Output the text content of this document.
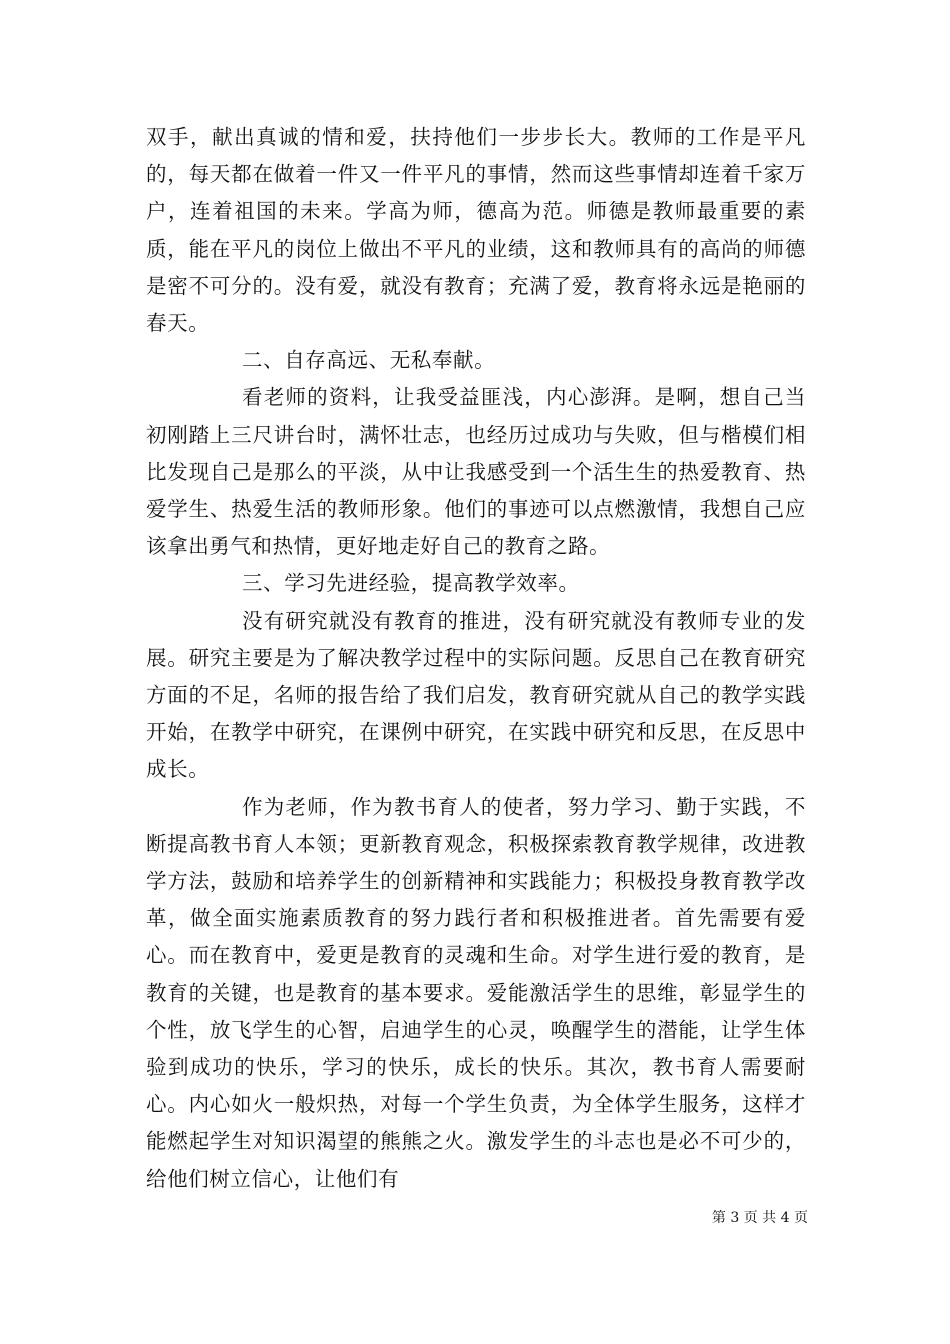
双手，献出真诚的情和爱，扶持他们一步步长大。教师的工作是平凡的，每天都在做着一件又一件平凡的事情，然而这些事情却连着千家万户，连着祖国的未来。学高为师，德高为范。师德是教师最重要的素质，能在平凡的岗位上做出不平凡的业绩，这和教师具有的高尚的师德是密不可分的。没有爱，就没有教育；充满了爱，教育将永远是艳丽的春天。

二、自存高远、无私奉献。

看老师的资料，让我受益匪浅，内心澎湃。是啊，想自己当初刚踏上三尺讲台时，满怀壮志，也经历过成功与失败，但与楷模们相比发现自己是那么的平淡，从中让我感受到一个活生生的热爱教育、热爱学生、热爱生活的教师形象。他们的事迹可以点燃激情，我想自己应该拿出勇气和热情，更好地走好自己的教育之路。

三、学习先进经验，提高教学效率。

没有研究就没有教育的推进，没有研究就没有教师专业的发展。研究主要是为了解决教学过程中的实际问题。反思自己在教育研究方面的不足，名师的报告给了我们启发，教育研究就从自己的教学实践开始，在教学中研究，在课例中研究，在实践中研究和反思，在反思中成长。

作为老师，作为教书育人的使者，努力学习、勤于实践，不断提高教书育人本领；更新教育观念，积极探索教育教学规律，改进教学方法，鼓励和培养学生的创新精神和实践能力；积极投身教育教学改革，做全面实施素质教育的努力践行者和积极推进者。首先需要有爱心。而在教育中，爱更是教育的灵魂和生命。对学生进行爱的教育，是教育的关键，也是教育的基本要求。爱能激活学生的思维，彰显学生的个性，放飞学生的心智，启迪学生的心灵，唤醒学生的潜能，让学生体验到成功的快乐，学习的快乐，成长的快乐。其次，教书育人需要耐心。内心如火一般炽热，对每一个学生负责，为全体学生服务，这样才能燃起学生对知识渴望的熊熊之火。激发学生的斗志也是必不可少的，给他们树立信心，让他们有

第 3 页 共 4 页
